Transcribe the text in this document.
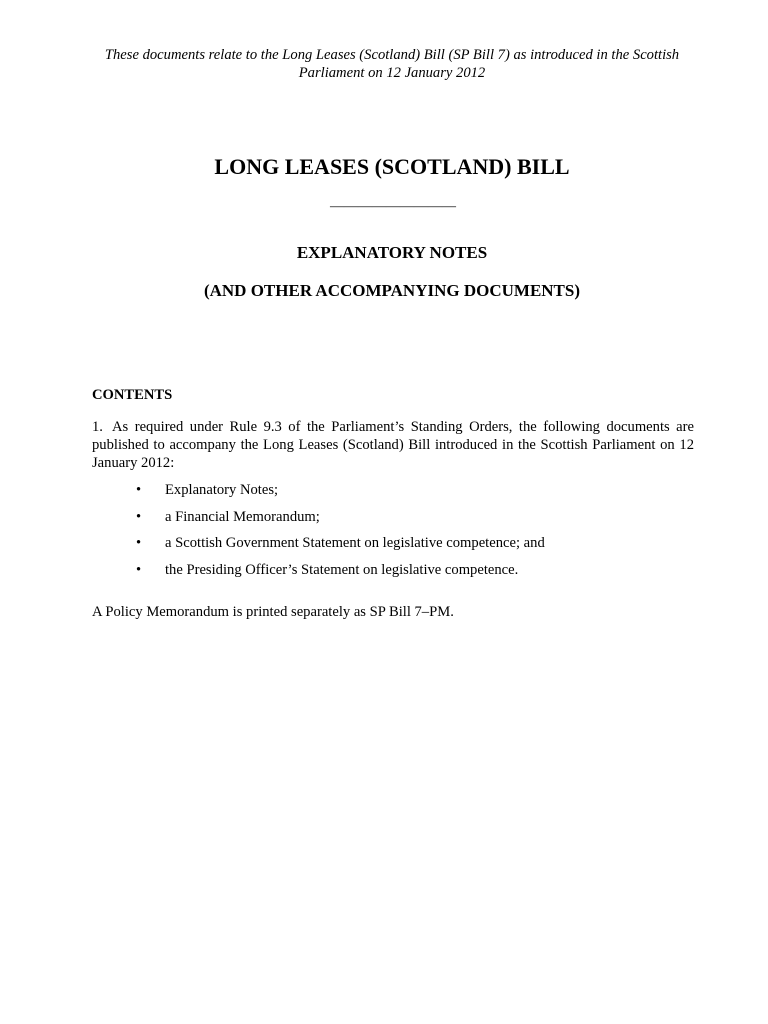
These documents relate to the Long Leases (Scotland) Bill (SP Bill 7) as introduced in the Scottish Parliament on 12 January 2012
LONG LEASES (SCOTLAND) BILL
—————————
EXPLANATORY NOTES
(AND OTHER ACCOMPANYING DOCUMENTS)
CONTENTS
1. As required under Rule 9.3 of the Parliament’s Standing Orders, the following documents are published to accompany the Long Leases (Scotland) Bill introduced in the Scottish Parliament on 12 January 2012:
• Explanatory Notes;
• a Financial Memorandum;
• a Scottish Government Statement on legislative competence; and
• the Presiding Officer’s Statement on legislative competence.
A Policy Memorandum is printed separately as SP Bill 7–PM.
